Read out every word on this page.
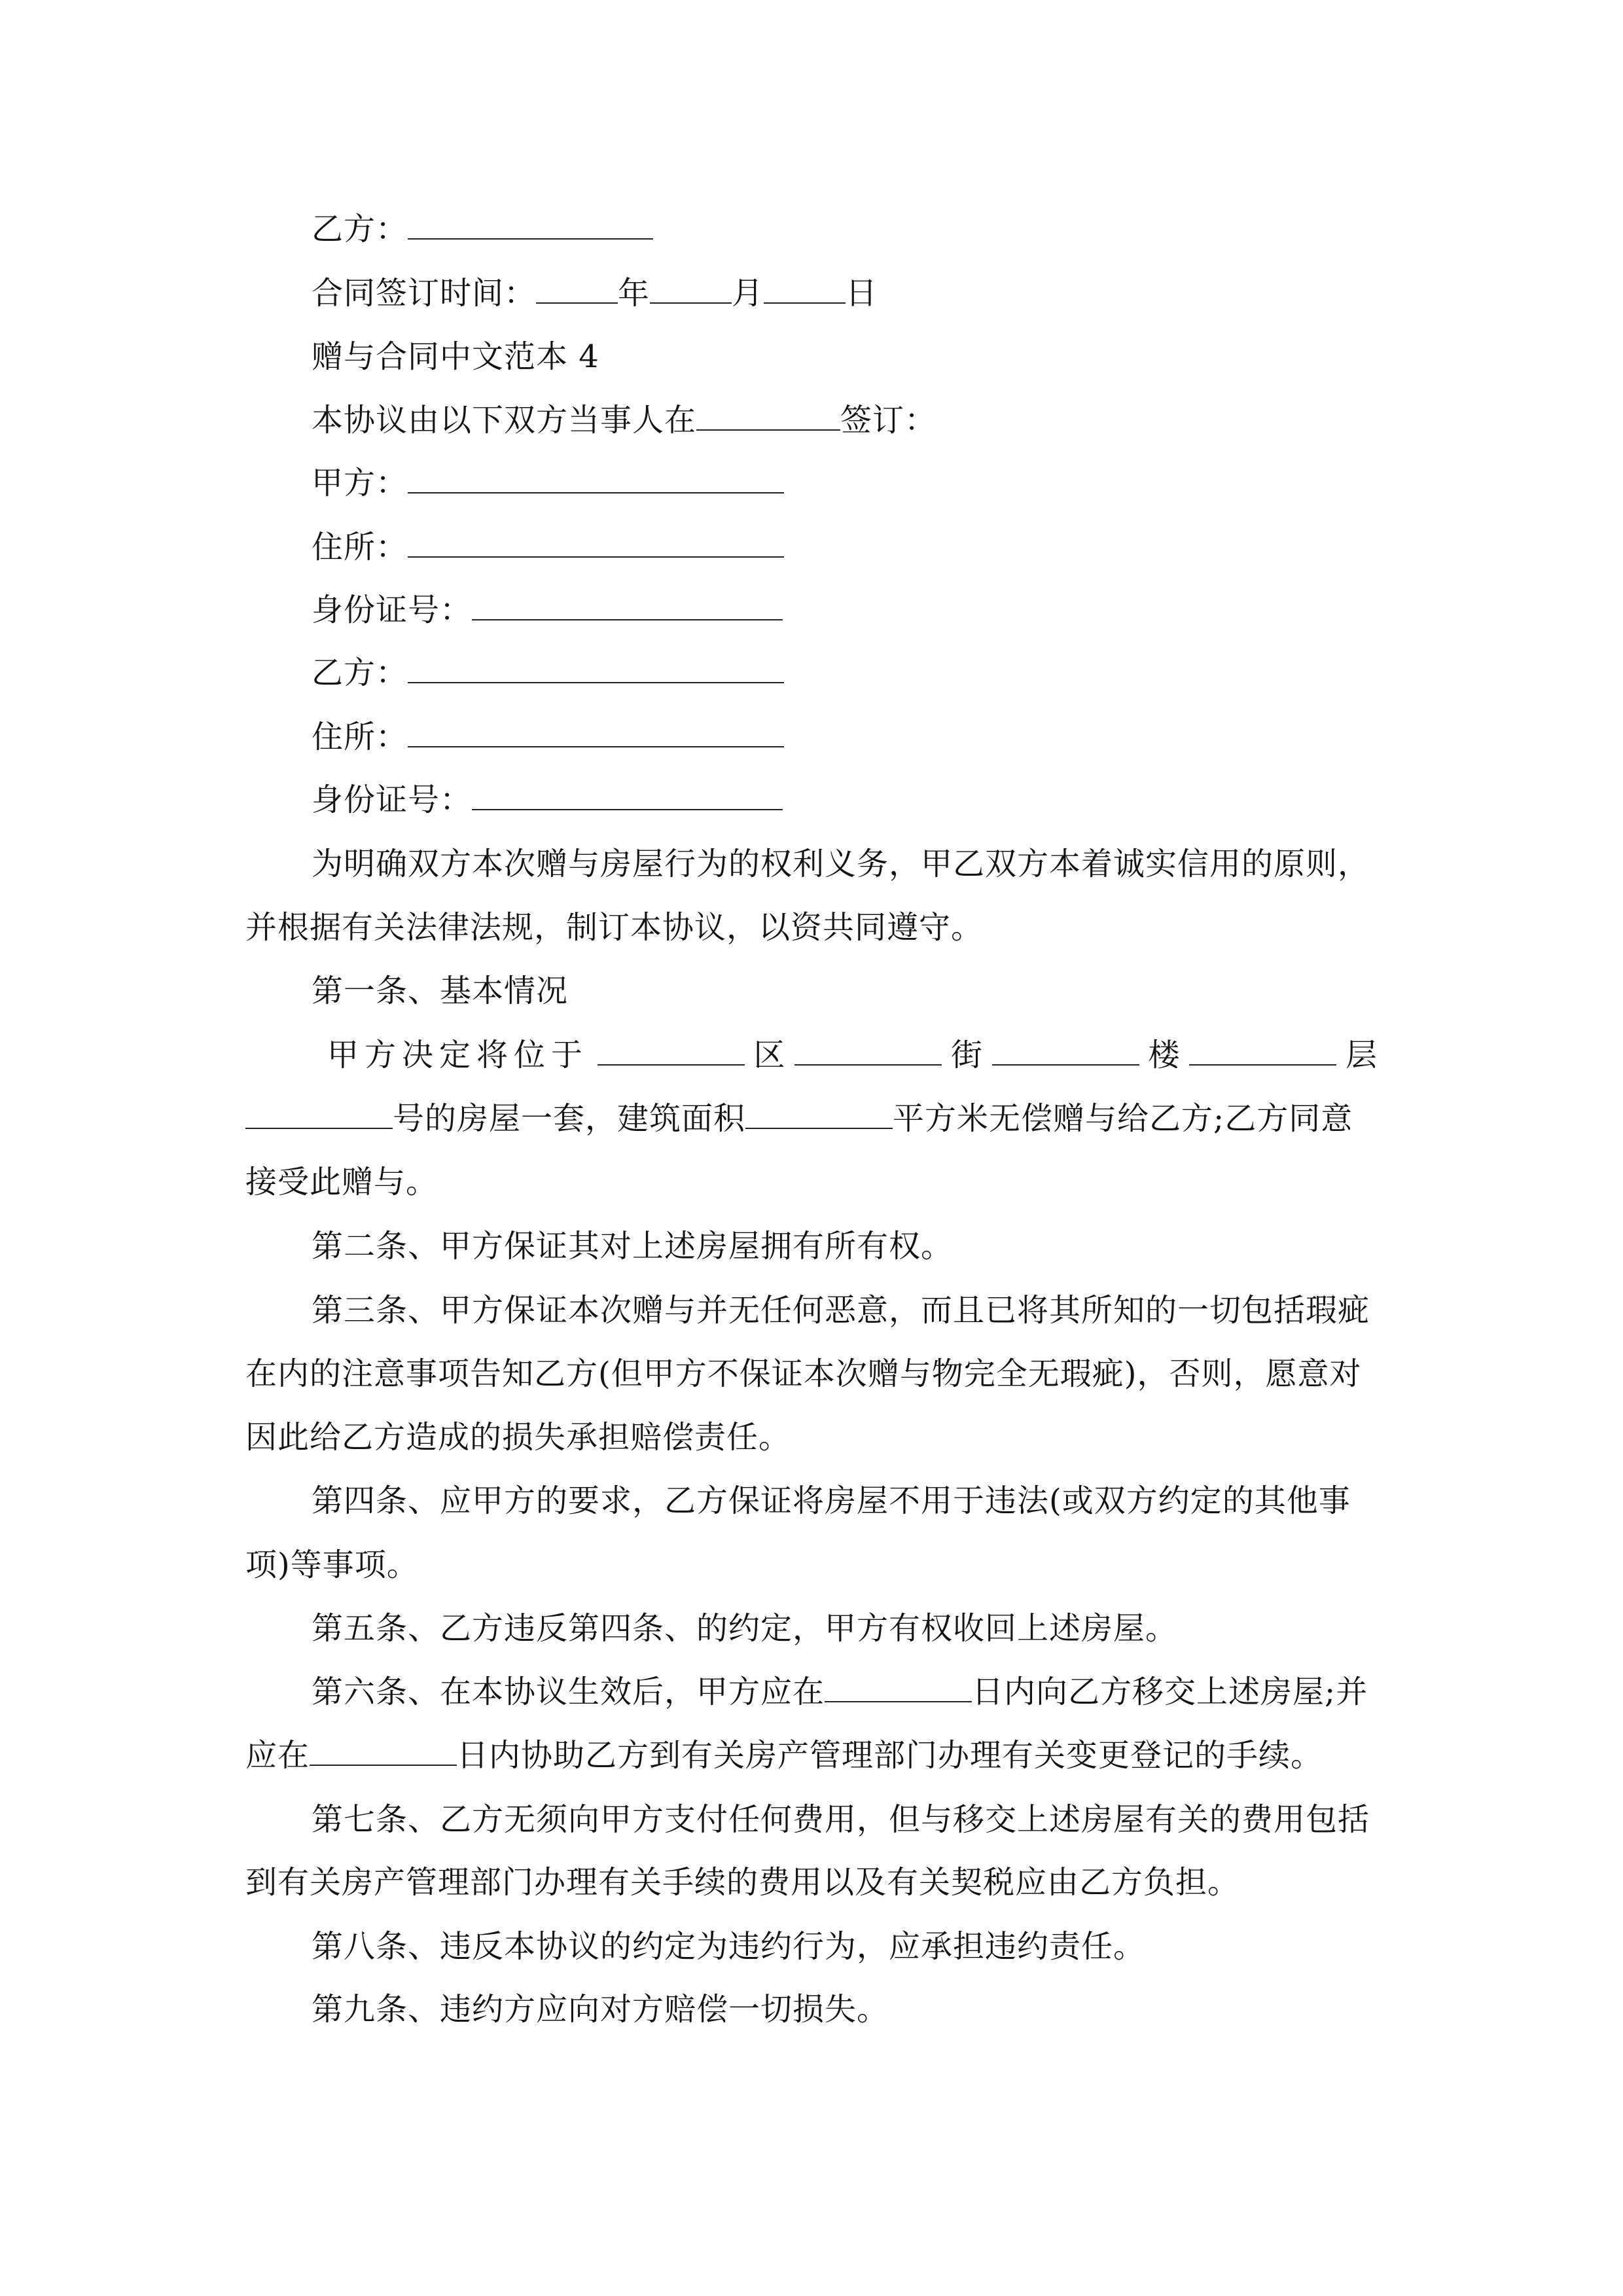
乙方：
合同签订时间：	年	月	日
赠与合同中文范本 4
本协议由以下双方当事人在	签订：
甲方：
住所：
身份证号：
乙方：
住所：
身份证号：
为明确双方本次赠与房屋行为的权利义务，甲乙双方本着诚实信用的原则，
并根据有关法律法规，制订本协议，以资共同遵守。
第一条、基本情况
甲方决定将位于	区	街	楼	层
号的房屋一套，建筑面积	平方米无偿赠与给乙方;乙方同意
接受此赠与。
第二条、甲方保证其对上述房屋拥有所有权。
第三条、甲方保证本次赠与并无任何恶意，而且已将其所知的一切包括瑕疵
在内的注意事项告知乙方(但甲方不保证本次赠与物完全无瑕疵)，否则，愿意对
因此给乙方造成的损失承担赔偿责任。
第四条、应甲方的要求，乙方保证将房屋不用于违法(或双方约定的其他事
项)等事项。
第五条、乙方违反第四条、的约定，甲方有权收回上述房屋。
第六条、在本协议生效后，甲方应在	日内向乙方移交上述房屋;并
应在	日内协助乙方到有关房产管理部门办理有关变更登记的手续。
第七条、乙方无须向甲方支付任何费用，但与移交上述房屋有关的费用包括
到有关房产管理部门办理有关手续的费用以及有关契税应由乙方负担。
第八条、违反本协议的约定为违约行为，应承担违约责任。
第九条、违约方应向对方赔偿一切损失。
